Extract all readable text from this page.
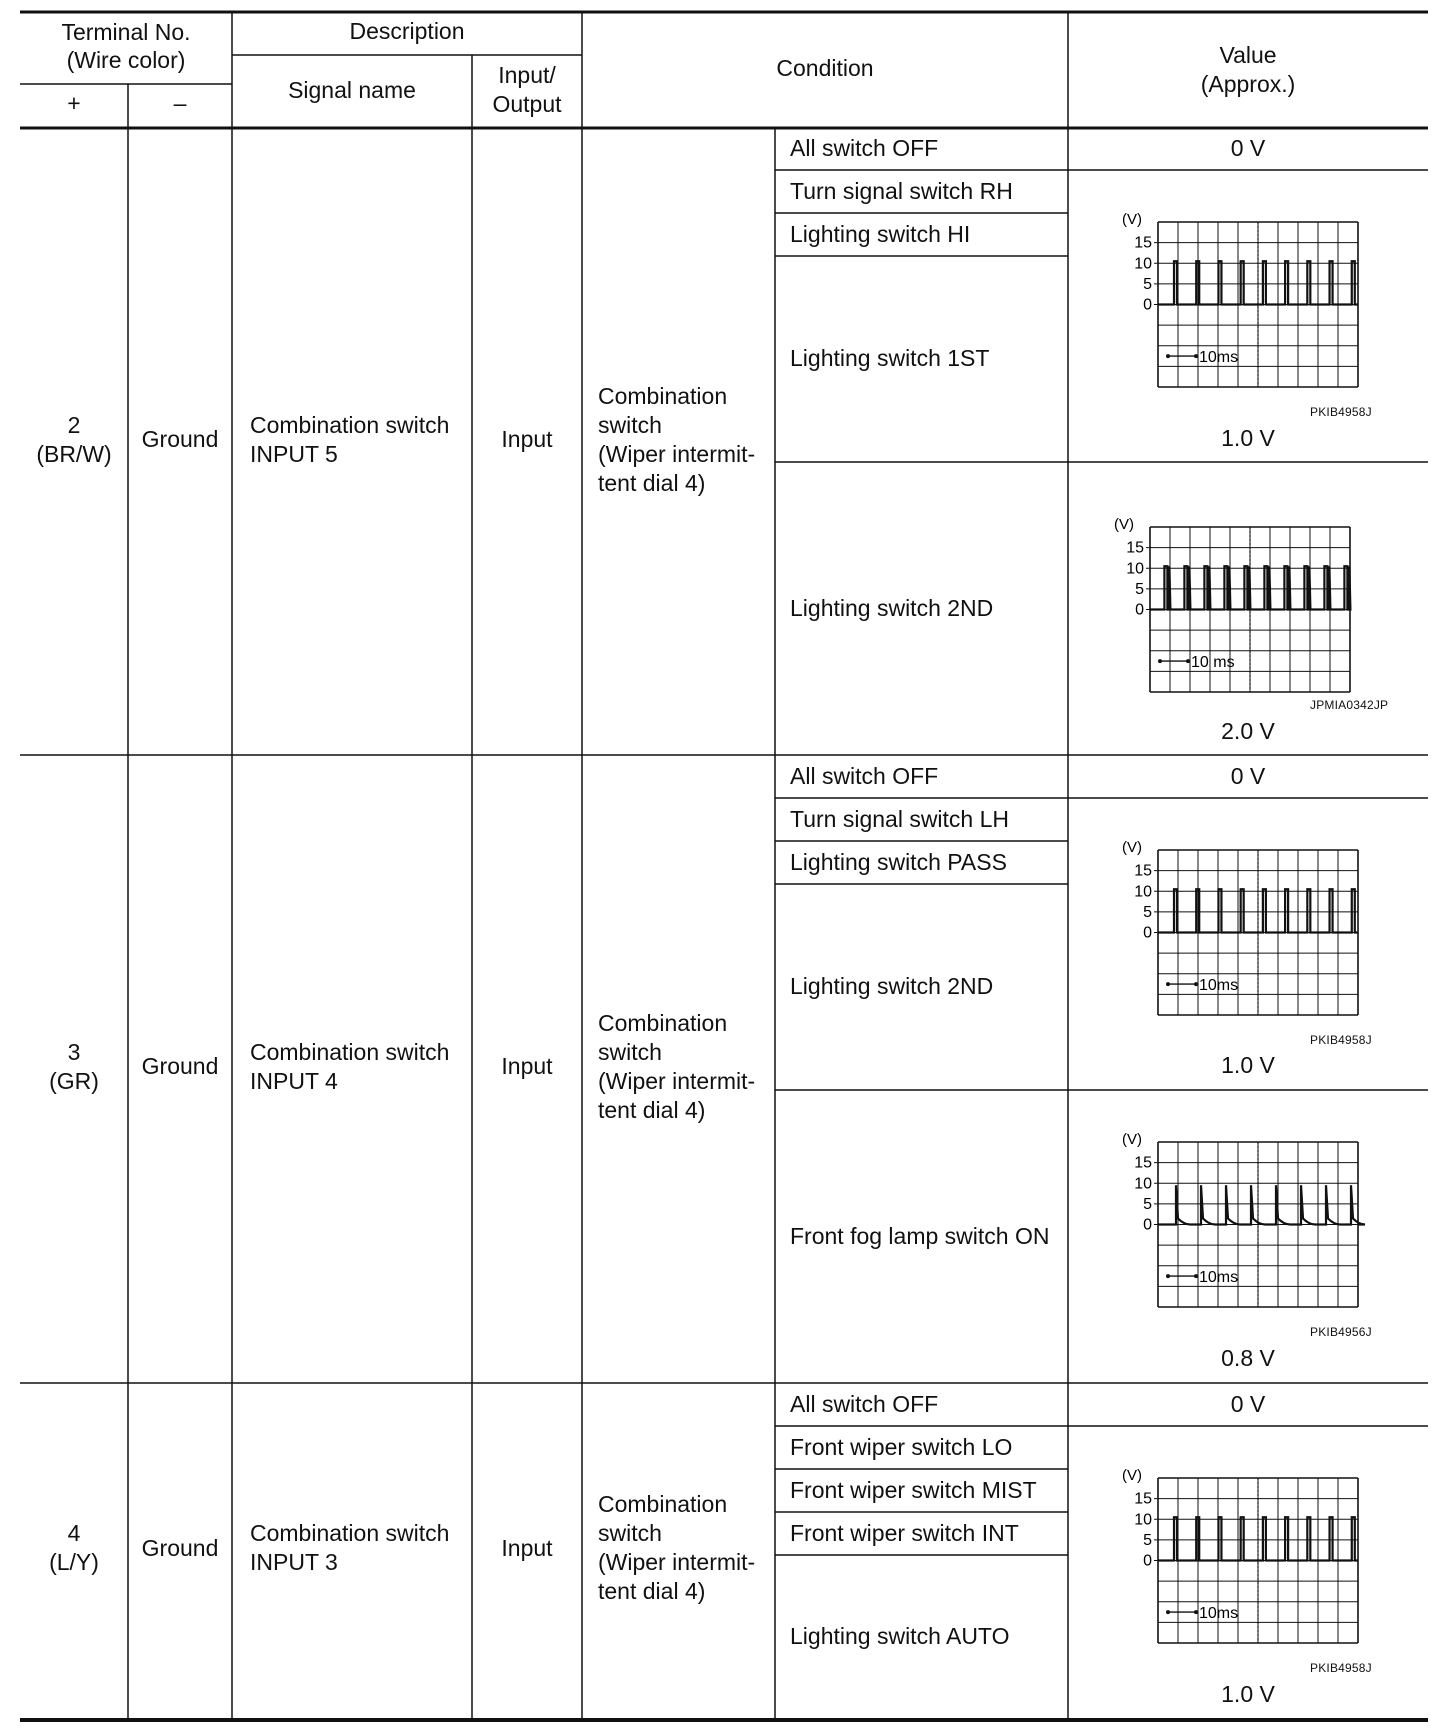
Terminal No.
(Wire color)
+	–
Description
Signal name
Input/
Output
Condition	Value
(Approx.)
2
(BR/W)
Ground
Combination switch
INPUT 5
Input
Combination
switch
(Wiper intermit-
tent dial 4)
All switch OFF
Turn signal switch RH
Lighting switch HI
Lighting switch 1ST
Lighting switch 2ND
0 V
(V)
15
10
5
0
10ms
PKIB4958J
1.0 V
(V)
15
10
5
0
10 ms
JPMIA0342JP
2.0 V
3
(GR)
Ground
Combination switch
INPUT 4
Input
Combination
switch
(Wiper intermit-
tent dial 4)
All switch OFF
Turn signal switch LH
Lighting switch PASS
Lighting switch 2ND
Front fog lamp switch ON
0 V
(V)
15
10
5
0
10ms
PKIB4958J
1.0 V
(V)
15
10
5
0
10ms
PKIB4956J
0.8 V
4
(L/Y)
Ground
Combination switch
INPUT 3
Input
Combination
switch
(Wiper intermit-
tent dial 4)
All switch OFF
Front wiper switch LO
Front wiper switch MIST
Front wiper switch INT
Lighting switch AUTO
0 V
(V)
15
10
5
0
10ms
PKIB4958J
1.0 V
